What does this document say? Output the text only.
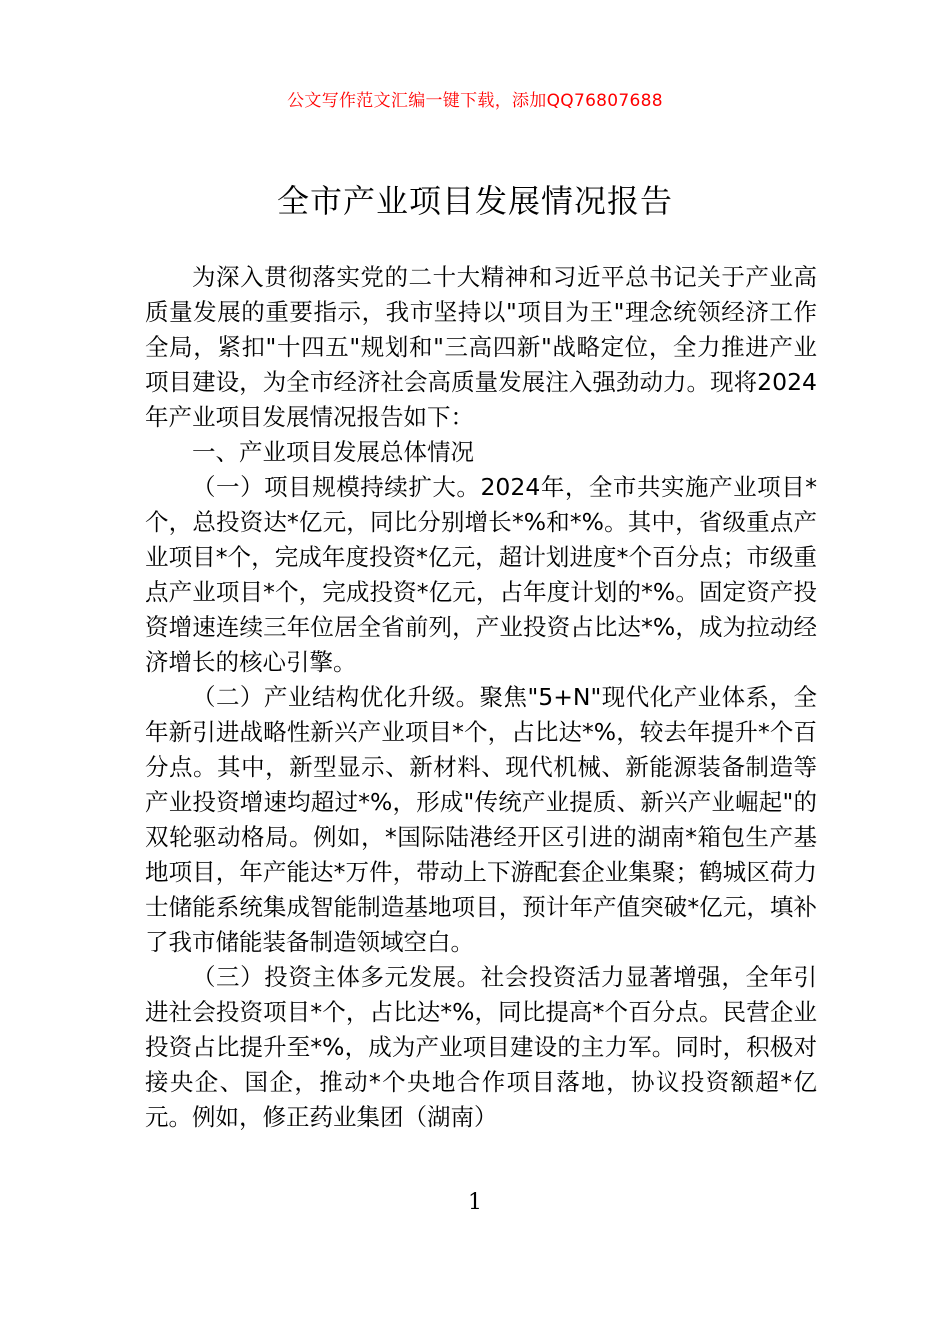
公文写作范文汇编一键下载，添加QQ76807688
全市产业项目发展情况报告

为深入贯彻落实党的二十大精神和习近平总书记关于产业高质量发展的重要指示，我市坚持以"项目为王"理念统领经济工作全局，紧扣"十四五"规划和"三高四新"战略定位，全力推进产业项目建设，为全市经济社会高质量发展注入强劲动力。现将2024年产业项目发展情况报告如下：

一、产业项目发展总体情况

（一）项目规模持续扩大。2024年，全市共实施产业项目*个，总投资达*亿元，同比分别增长*%和*%。其中，省级重点产业项目*个，完成年度投资*亿元，超计划进度*个百分点；市级重点产业项目*个，完成投资*亿元，占年度计划的*%。固定资产投资增速连续三年位居全省前列，产业投资占比达*%，成为拉动经济增长的核心引擎。

（二）产业结构优化升级。聚焦"5+N"现代化产业体系，全年新引进战略性新兴产业项目*个，占比达*%，较去年提升*个百分点。其中，新型显示、新材料、现代机械、新能源装备制造等产业投资增速均超过*%，形成"传统产业提质、新兴产业崛起"的双轮驱动格局。例如，*国际陆港经开区引进的湖南*箱包生产基地项目，年产能达*万件，带动上下游配套企业集聚；鹤城区荷力士储能系统集成智能制造基地项目，预计年产值突破*亿元，填补了我市储能装备制造领域空白。

（三）投资主体多元发展。社会投资活力显著增强，全年引进社会投资项目*个，占比达*%，同比提高*个百分点。民营企业投资占比提升至*%，成为产业项目建设的主力军。同时，积极对接央企、国企，推动*个央地合作项目落地，协议投资额超*亿元。例如，修正药业集团（湖南）

1
